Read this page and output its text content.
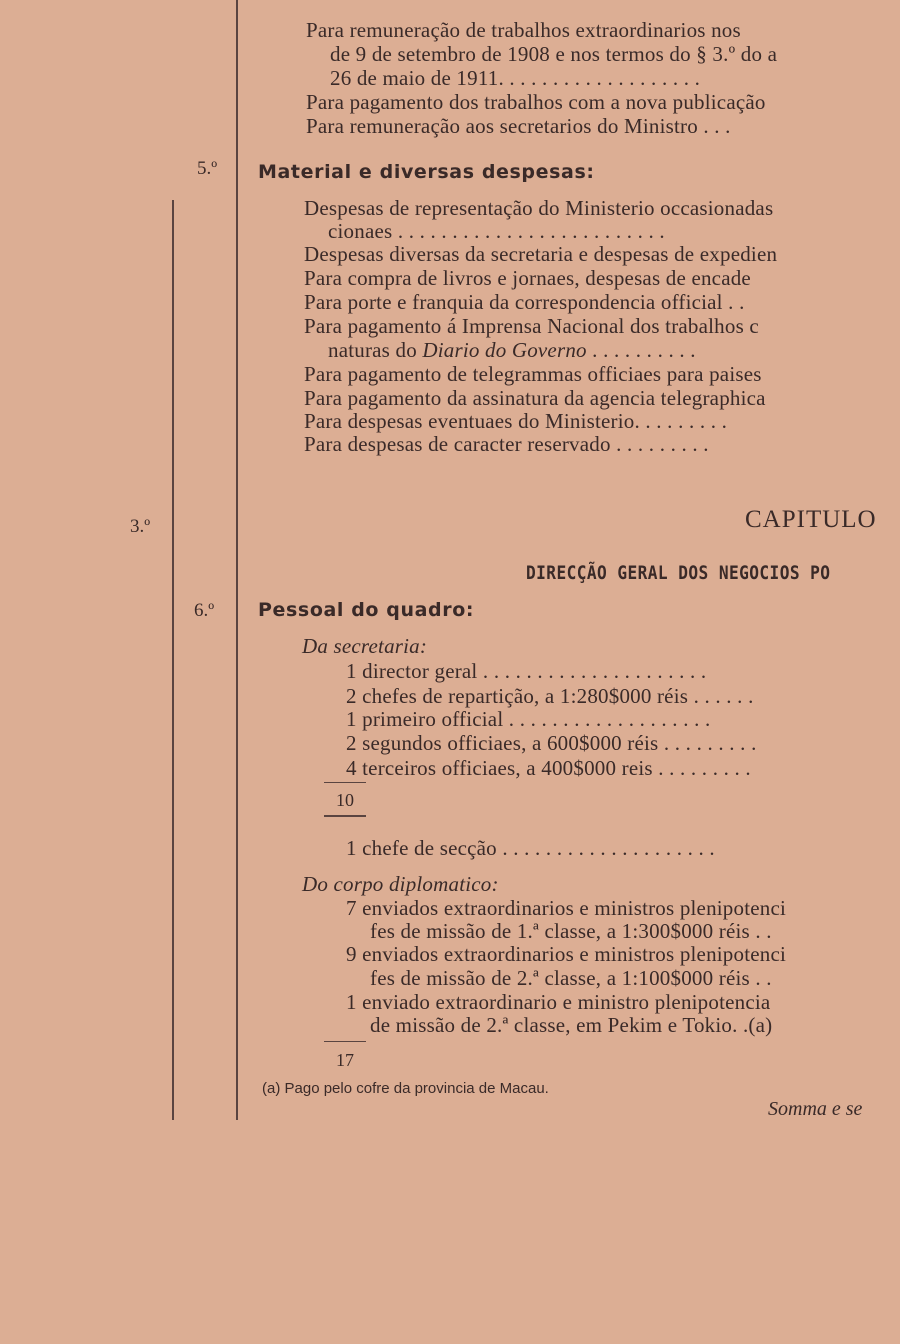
Para remuneração de trabalhos extraordinarios nos
de 9 de setembro de 1908 e nos termos do § 3.º do a
26 de maio de 1911. . . . . . . . . . . . . . . . . . .
Para pagamento dos trabalhos com a nova publicação
Para remuneração aos secretarios do Ministro . . .
5.º Material e diversas despesas:
Despesas de representação do Ministerio occasionadas
cionaes . . . . . . . . . . . . . . . . . . . . . . . . .
Despesas diversas da secretaria e despesas de expedien
Para compra de livros e jornaes, despesas de encade
Para porte e franquia da correspondencia official . .
Para pagamento á Imprensa Nacional dos trabalhos c
naturas do Diario do Governo . . . . . . . . . .
Para pagamento de telegrammas officiaes para paises
Para pagamento da assinatura da agencia telegraphica
Para despesas eventuaes do Ministerio. . . . . . . . .
Para despesas de caracter reservado . . . . . . . . .
3.º	CAPITULO
DIRECÇÃO GERAL DOS NEGOCIOS PO
6.º Pessoal do quadro:
Da secretaria:
1 director geral . . . . . . . . . . . . . . . . . . . . .
2 chefes de repartição, a 1:280$000 réis . . . . . .
1 primeiro official . . . . . . . . . . . . . . . . . . .
2 segundos officiaes, a 600$000 réis . . . . . . . . .
4 terceiros officiaes, a 400$000 reis . . . . . . . . .
10
1 chefe de secção . . . . . . . . . . . . . . . . . . . .
Do corpo diplomatico:
7 enviados extraordinarios e ministros plenipotenci
fes de missão de 1.ª classe, a 1:300$000 réis . .
9 enviados extraordinarios e ministros plenipotenci
fes de missão de 2.ª classe, a 1:100$000 réis . .
1 enviado extraordinario e ministro plenipotencia
de missão de 2.ª classe, em Pekim e Tokio. .(a)
17
(a) Pago pelo cofre da provincia de Macau.
Somma e se
